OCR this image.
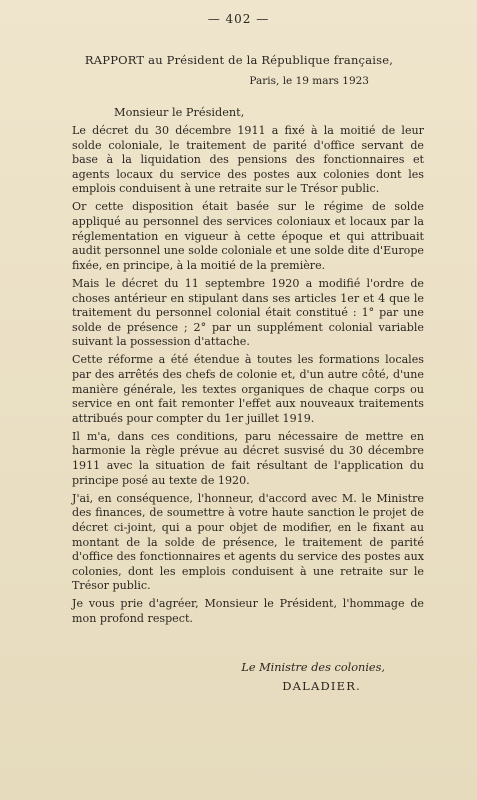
— 402 —
RAPPORT au Président de la République française,
Paris, le 19 mars 1923
Monsieur le Président,

Le décret du 30 décembre 1911 a fixé à la moitié de leur solde coloniale, le traitement de parité d'office servant de base à la liquidation des pensions des fonctionnaires et agents locaux du service des postes aux colonies dont les emplois conduisent à une retraite sur le Trésor public.

Or cette disposition était basée sur le régime de solde appliqué au personnel des services coloniaux et locaux par la réglementation en vigueur à cette époque et qui attribuait audit personnel une solde coloniale et une solde dite d'Europe fixée, en principe, à la moitié de la première.

Mais le décret du 11 septembre 1920 a modifié l'ordre de choses antérieur en stipulant dans ses articles 1er et 4 que le traitement du personnel colonial était constitué : 1° par une solde de présence ; 2° par un supplément colonial variable suivant la possession d'attache.

Cette réforme a été étendue à toutes les formations locales par des arrêtés des chefs de colonie et, d'un autre côté, d'une manière générale, les textes organiques de chaque corps ou service en ont fait remonter l'effet aux nouveaux traitements attribués pour compter du 1er juillet 1919.

Il m'a, dans ces conditions, paru nécessaire de mettre en harmonie la règle prévue au décret susvisé du 30 décembre 1911 avec la situation de fait résultant de l'application du principe posé au texte de 1920.

J'ai, en conséquence, l'honneur, d'accord avec M. le Ministre des finances, de soumettre à votre haute sanction le projet de décret ci-joint, qui a pour objet de modifier, en le fixant au montant de la solde de présence, le traitement de parité d'office des fonctionnaires et agents du service des postes aux colonies, dont les emplois conduisent à une retraite sur le Trésor public.

Je vous prie d'agréer, Monsieur le Président, l'hommage de mon profond respect.

Le Ministre des colonies,
DALADIER.
